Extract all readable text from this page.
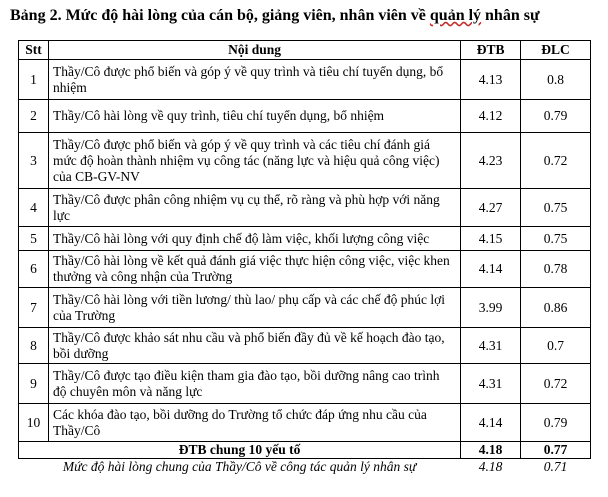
Bảng 2. Mức độ hài lòng của cán bộ, giảng viên, nhân viên về quản lý nhân sự
Stt	Nội dung	ĐTB	ĐLC
1	Thầy/Cô được phổ biến và góp ý về quy trình và tiêu chí tuyển dụng, bổ nhiệm	4.13	0.8
2	Thầy/Cô hài lòng về quy trình, tiêu chí tuyển dụng, bổ nhiệm	4.12	0.79
3	Thầy/Cô được phổ biến và góp ý về quy trình và các tiêu chí đánh giá mức độ hoàn thành nhiệm vụ công tác (năng lực và hiệu quả công việc) của CB-GV-NV	4.23	0.72
4	Thầy/Cô được phân công nhiệm vụ cụ thể, rõ ràng và phù hợp với năng lực	4.27	0.75
5	Thầy/Cô hài lòng với quy định chế độ làm việc, khối lượng công việc	4.15	0.75
6	Thầy/Cô hài lòng về kết quả đánh giá việc thực hiện công việc, việc khen thưởng và công nhận của Trường	4.14	0.78
7	Thầy/Cô hài lòng với tiền lương/ thù lao/ phụ cấp và các chế độ phúc lợi của Trường	3.99	0.86
8	Thầy/Cô được khảo sát nhu cầu và phổ biến đầy đủ về kế hoạch đào tạo, bồi dưỡng	4.31	0.7
9	Thầy/Cô được tạo điều kiện tham gia đào tạo, bồi dưỡng nâng cao trình độ chuyên môn và năng lực	4.31	0.72
10	Các khóa đào tạo, bồi dưỡng do Trường tổ chức đáp ứng nhu cầu của Thầy/Cô	4.14	0.79
ĐTB chung 10 yếu tố		4.18	0.77
Mức độ hài lòng chung của Thầy/Cô về công tác quản lý nhân sự		4.18	0.71
